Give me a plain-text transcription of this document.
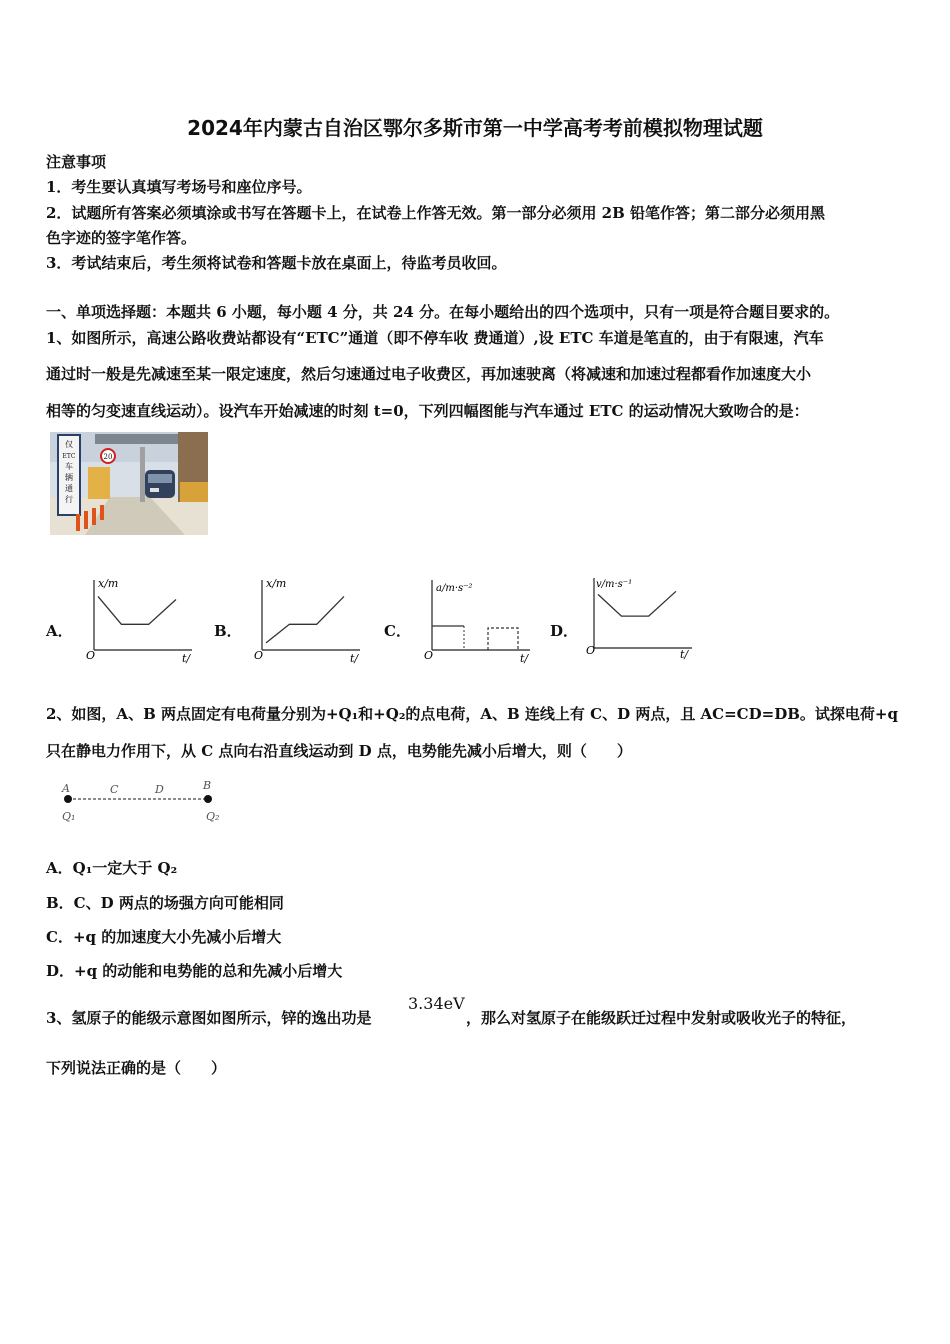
2024年内蒙古自治区鄂尔多斯市第一中学高考考前模拟物理试题
注意事项
1．考生要认真填写考场号和座位序号。
2．试题所有答案必须填涂或书写在答题卡上，在试卷上作答无效。第一部分必须用 2B 铅笔作答；第二部分必须用黑
色字迹的签字笔作答。
3．考试结束后，考生须将试卷和答题卡放在桌面上，待监考员收回。
一、单项选择题：本题共 6 小题，每小题 4 分，共 24 分。在每小题给出的四个选项中，只有一项是符合题目要求的。
1、如图所示，高速公路收费站都设有“ETC”通道（即不停车收 费通道）,设 ETC 车道是笔直的，由于有限速，汽车
通过时一般是先减速至某一限定速度，然后匀速通过电子收费区，再加速驶离（将减速和加速过程都看作加速度大小
相等的匀变速直线运动）。设汽车开始减速的时刻 t=0，下列四幅图能与汽车通过 ETC 的运动情况大致吻合的是：
20
仅
ETC
车
辆
通
行
A．
x/m
t/
O
B．
x/m
t/
O
C．
a/m·s⁻²
t/
O
D．
v/m·s⁻¹
t/
O
2、如图，A、B 两点固定有电荷量分别为+Q₁和+Q₂的点电荷，A、B 连线上有 C、D 两点，且 AC=CD=DB。试探电荷+q
只在静电力作用下，从 C 点向右沿直线运动到 D 点，电势能先减小后增大，则（　　）
A	C	D	B
Q₁	Q₂
A．Q₁一定大于 Q₂
B．C、D 两点的场强方向可能相同
C．+q 的加速度大小先减小后增大
D．+q 的动能和电势能的总和先减小后增大
3、氢原子的能级示意图如图所示，锌的逸出功是
3.34eV
，那么对氢原子在能级跃迁过程中发射或吸收光子的特征，
下列说法正确的是（　　）
